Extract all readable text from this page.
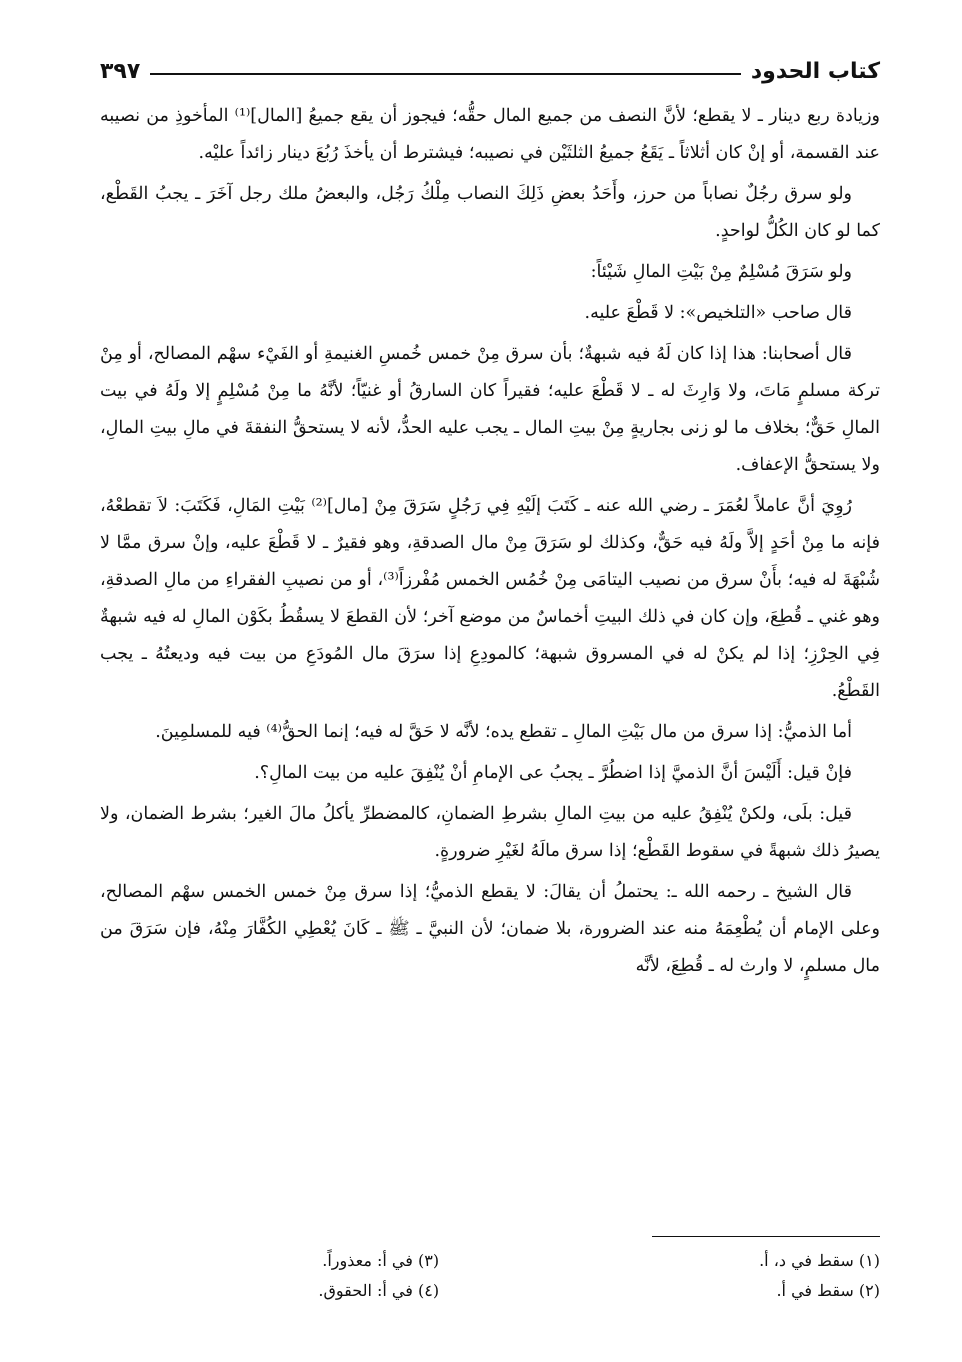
كتاب الحدود
٣٩٧

وزيادة ربع دينار ـ لا يقطع؛ لأنَّ النصف من جميع المال حقُّه؛ فيجوز أن يقع جميعُ [المال]⁽¹⁾ المأخوذِ من نصيبه عند القسمة، أو إنْ كان أثلاثاً ـ يَقَعُ جميعُ الثلثَيْن في نصيبه؛ فيشترط أن يأخذَ رُبُعَ دينار زائداً عليْه.

ولو سرق رجُلٌ نصاباً من حرز، وأَحَدُ بعضِ ذَلِكَ النصاب مِلْكُ رَجُل، والبعضُ ملك رجل آخَرَ ـ يجبُ القَطْع، كما لو كان الكُلُّ لواحدٍ.

ولو سَرَقَ مُسْلِمٌ مِنْ بَيْتِ المالِ شَيْئاً:

قال صاحب «التلخيص»: لا قَطْعَ عليه.

قال أصحابنا: هذا إذا كان لَهُ فيه شبهةٌ؛ بأن سرق مِنْ خمس خُمسِ الغنيمةِ أو الفَيْء سهْم المصالح، أو مِنْ تركة مسلمٍ مَاتَ، ولا وَارِثَ له ـ لا قَطْعَ عليه؛ فقيراً كان السارقُ أو غنيّاً؛ لأنَّهُ ما مِنْ مُسْلِمٍ إلا ولَهُ في بيت المالِ حَقٌّ؛ بخلاف ما لو زنى بجاريةٍ مِنْ بيتِ المال ـ يجب عليه الحدُّ، لأنه لا يستحقُّ النفقةَ في مالِ بيتِ المالِ، ولا يستحقُّ الإعفاف.

رُوِيَ أنَّ عاملاً لعُمَرَ ـ رضي الله عنه ـ كَتَبَ إلَيْهِ فِي رَجُلٍ سَرَقَ مِنْ [مال]⁽²⁾ بَيْتِ المَالِ، فَكَتَبَ: لاَ تقطعْهُ، فإنه ما مِنْ أحَدٍ إلاَّ ولَهُ فيه حَقٌّ، وكذلك لو سَرَقَ مِنْ مال الصدقةِ، وهو فقيرٌ ـ لا قَطْعَ عليه، وإنْ سرق ممَّا لا شُبْهَةَ له فيه؛ بأَنْ سرق من نصيب اليتامَى مِنْ خُمُس الخمس مُفْرزاً⁽³⁾، أو من نصيبِ الفقراءِ من مالِ الصدقةِ، وهو غني ـ قُطِعَ، وإن كان في ذلك البيتِ أخماسٌ من موضع آخر؛ لأن القطعَ لا يسقُطُ بكَوْن المالِ له فيه شبهةٌ فِي الحِرْزِ؛ إذا لم يكنْ له في المسروق شبهة؛ كالمودِعِ إذا سرَقَ مال المُودَعِ من بيت فيه وديعتُهُ ـ يجب القَطْعُ.

أما الذميُّ: إذا سرق من مال بَيْتِ المالِ ـ تقطع يده؛ لأنَّه لا حَقَّ له فيه؛ إنما الحقُّ⁽⁴⁾ فيه للمسلمِينَ.

فإنْ قيل: أَلَيْسَ أنَّ الذميَّ إذا اضطُرَّ ـ يجبُ عى الإمامِ أنْ يُنْفِقَ عليه من بيت المالِ؟.

قيل: بلَى، ولكنْ يُنْفِقُ عليه من بيتِ المالِ بشرطِ الضمانِ، كالمضطرِّ يأكلُ مالَ الغير؛ بشرط الضمان، ولا يصيرُ ذلك شبهةً في سقوط القَطْع؛ إذا سرق مالَهُ لغَيْرِ ضرورةٍ.

قال الشيخ ـ رحمه الله ـ: يحتملُ أن يقالَ: لا يقطع الذميُّ؛ إذا سرق مِنْ خمس الخمس سهْم المصالح، وعلى الإمام أن يُطْعِمَهُ منه عند الضرورة، بلا ضمان؛ لأن النبيَّ ـ ﷺ ـ كَانَ يُعْطِي الكُفَّارَ مِنْهُ، فإن سَرَقَ من مال مسلمٍ، لا وارث له ـ قُطِعَ، لأنَّه

(١) سقط في د، أ.
(٢) سقط في أ.
(٣) في أ: معذوراً.
(٤) في أ: الحقوق.
